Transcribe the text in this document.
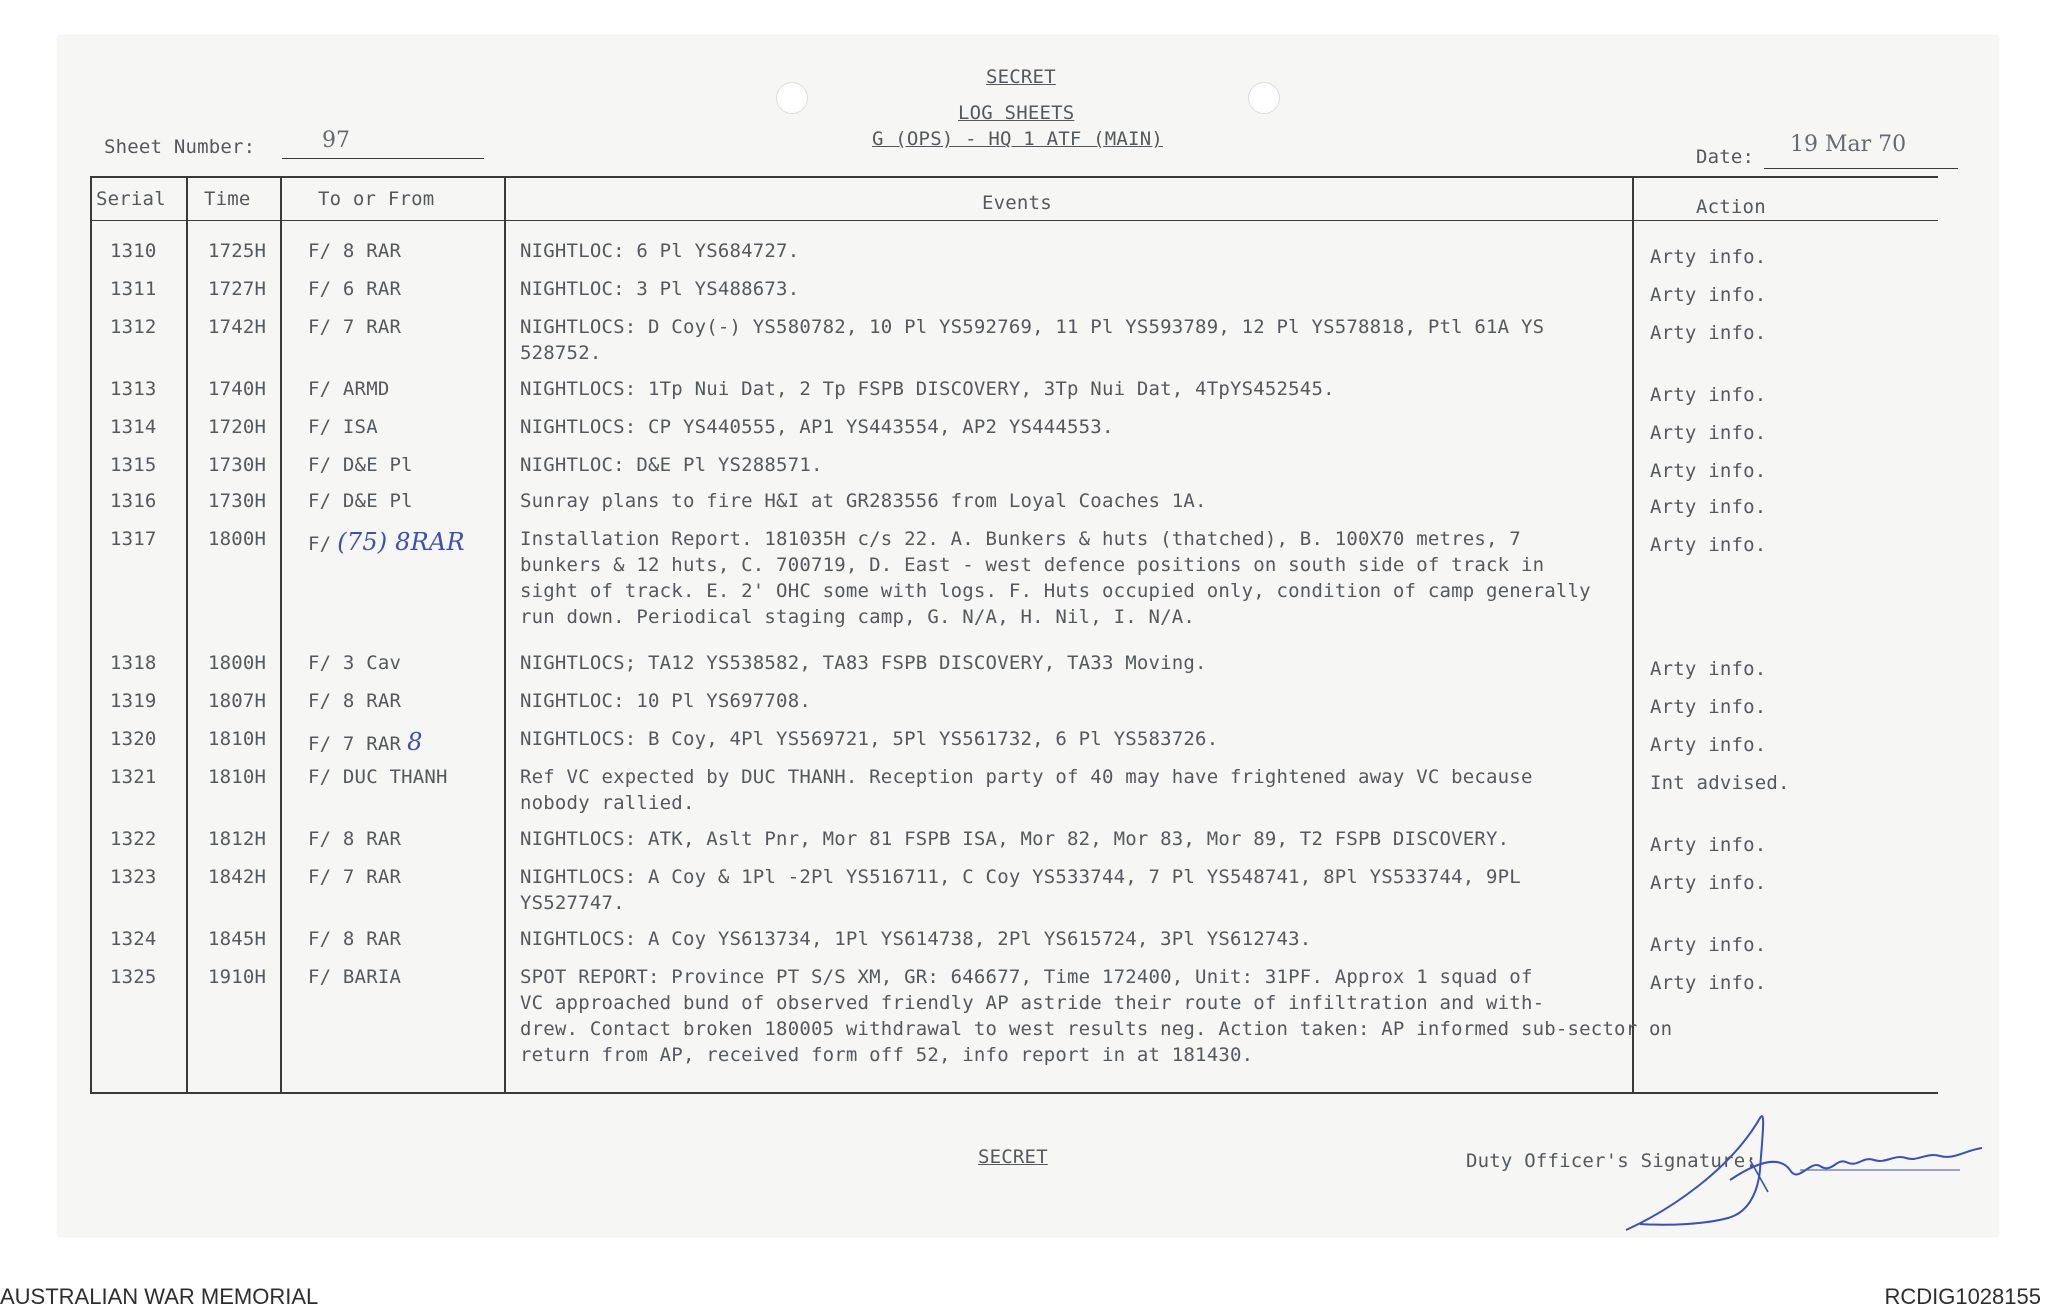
SECRET
LOG SHEETS
G (OPS) - HQ 1 ATF (MAIN)
Sheet Number:	97
Date: 19 Mar 70
Serial Time	To or From	Events	Action
1310	1725H F/ 8 RAR	NIGHTLOC: 6 Pl YS684727.	Arty info.
1311	1727H F/ 6 RAR	NIGHTLOC: 3 Pl YS488673.	Arty info.
1312	1742H F/ 7 RAR	NIGHTLOCS: D Coy(-) YS580782, 10 Pl YS592769, 11 Pl YS593789, 12 Pl YS578818, Ptl 61A YS
528752.
Arty info.
1313	1740H F/ ARMD	NIGHTLOCS: 1Tp Nui Dat, 2 Tp FSPB DISCOVERY, 3Tp Nui Dat, 4TpYS452545.	Arty info.
1314	1720H F/ ISA	NIGHTLOCS: CP YS440555, AP1 YS443554, AP2 YS444553.	Arty info.
1315	1730H F/ D&E Pl	NIGHTLOC: D&E Pl YS288571.	Arty info.
1316	1730H F/ D&E Pl	Sunray plans to fire H&I at GR283556 from Loyal Coaches 1A.	Arty info.
1317	1800H F/ (75) 8RAR	Installation Report. 181035H c/s 22. A. Bunkers & huts (thatched), B. 100X70 metres, 7
bunkers & 12 huts, C. 700719, D. East - west defence positions on south side of track in
sight of track. E. 2' OHC some with logs. F. Huts occupied only, condition of camp generally
run down. Periodical staging camp, G. N/A, H. Nil, I. N/A.
Arty info.
1318	1800H F/ 3 Cav	NIGHTLOCS; TA12 YS538582, TA83 FSPB DISCOVERY, TA33 Moving.	Arty info.
1319	1807H F/ 8 RAR	NIGHTLOC: 10 Pl YS697708.	Arty info.
1320	1810H F/ 7 RAR 8	NIGHTLOCS: B Coy, 4Pl YS569721, 5Pl YS561732, 6 Pl YS583726.	Arty info.
1321	1810H F/ DUC THANH	Ref VC expected by DUC THANH. Reception party of 40 may have frightened away VC because
nobody rallied.
Int advised.
1322	1812H F/ 8 RAR	NIGHTLOCS: ATK, Aslt Pnr, Mor 81 FSPB ISA, Mor 82, Mor 83, Mor 89, T2 FSPB DISCOVERY.	Arty info.
1323	1842H F/ 7 RAR	NIGHTLOCS: A Coy & 1Pl -2Pl YS516711, C Coy YS533744, 7 Pl YS548741, 8Pl YS533744, 9PL
YS527747.
Arty info.
1324	1845H F/ 8 RAR	NIGHTLOCS: A Coy YS613734, 1Pl YS614738, 2Pl YS615724, 3Pl YS612743.	Arty info.
1325	1910H F/ BARIA	SPOT REPORT: Province PT S/S XM, GR: 646677, Time 172400, Unit: 31PF. Approx 1 squad of
VC approached bund of observed friendly AP astride their route of infiltration and with-
drew. Contact broken 180005 withdrawal to west results neg. Action taken: AP informed sub-sector on
return from AP, received form off 52, info report in at 181430.
Arty info.
SECRET	Duty Officer's Signature:
AUSTRALIAN WAR MEMORIAL	RCDIG1028155
